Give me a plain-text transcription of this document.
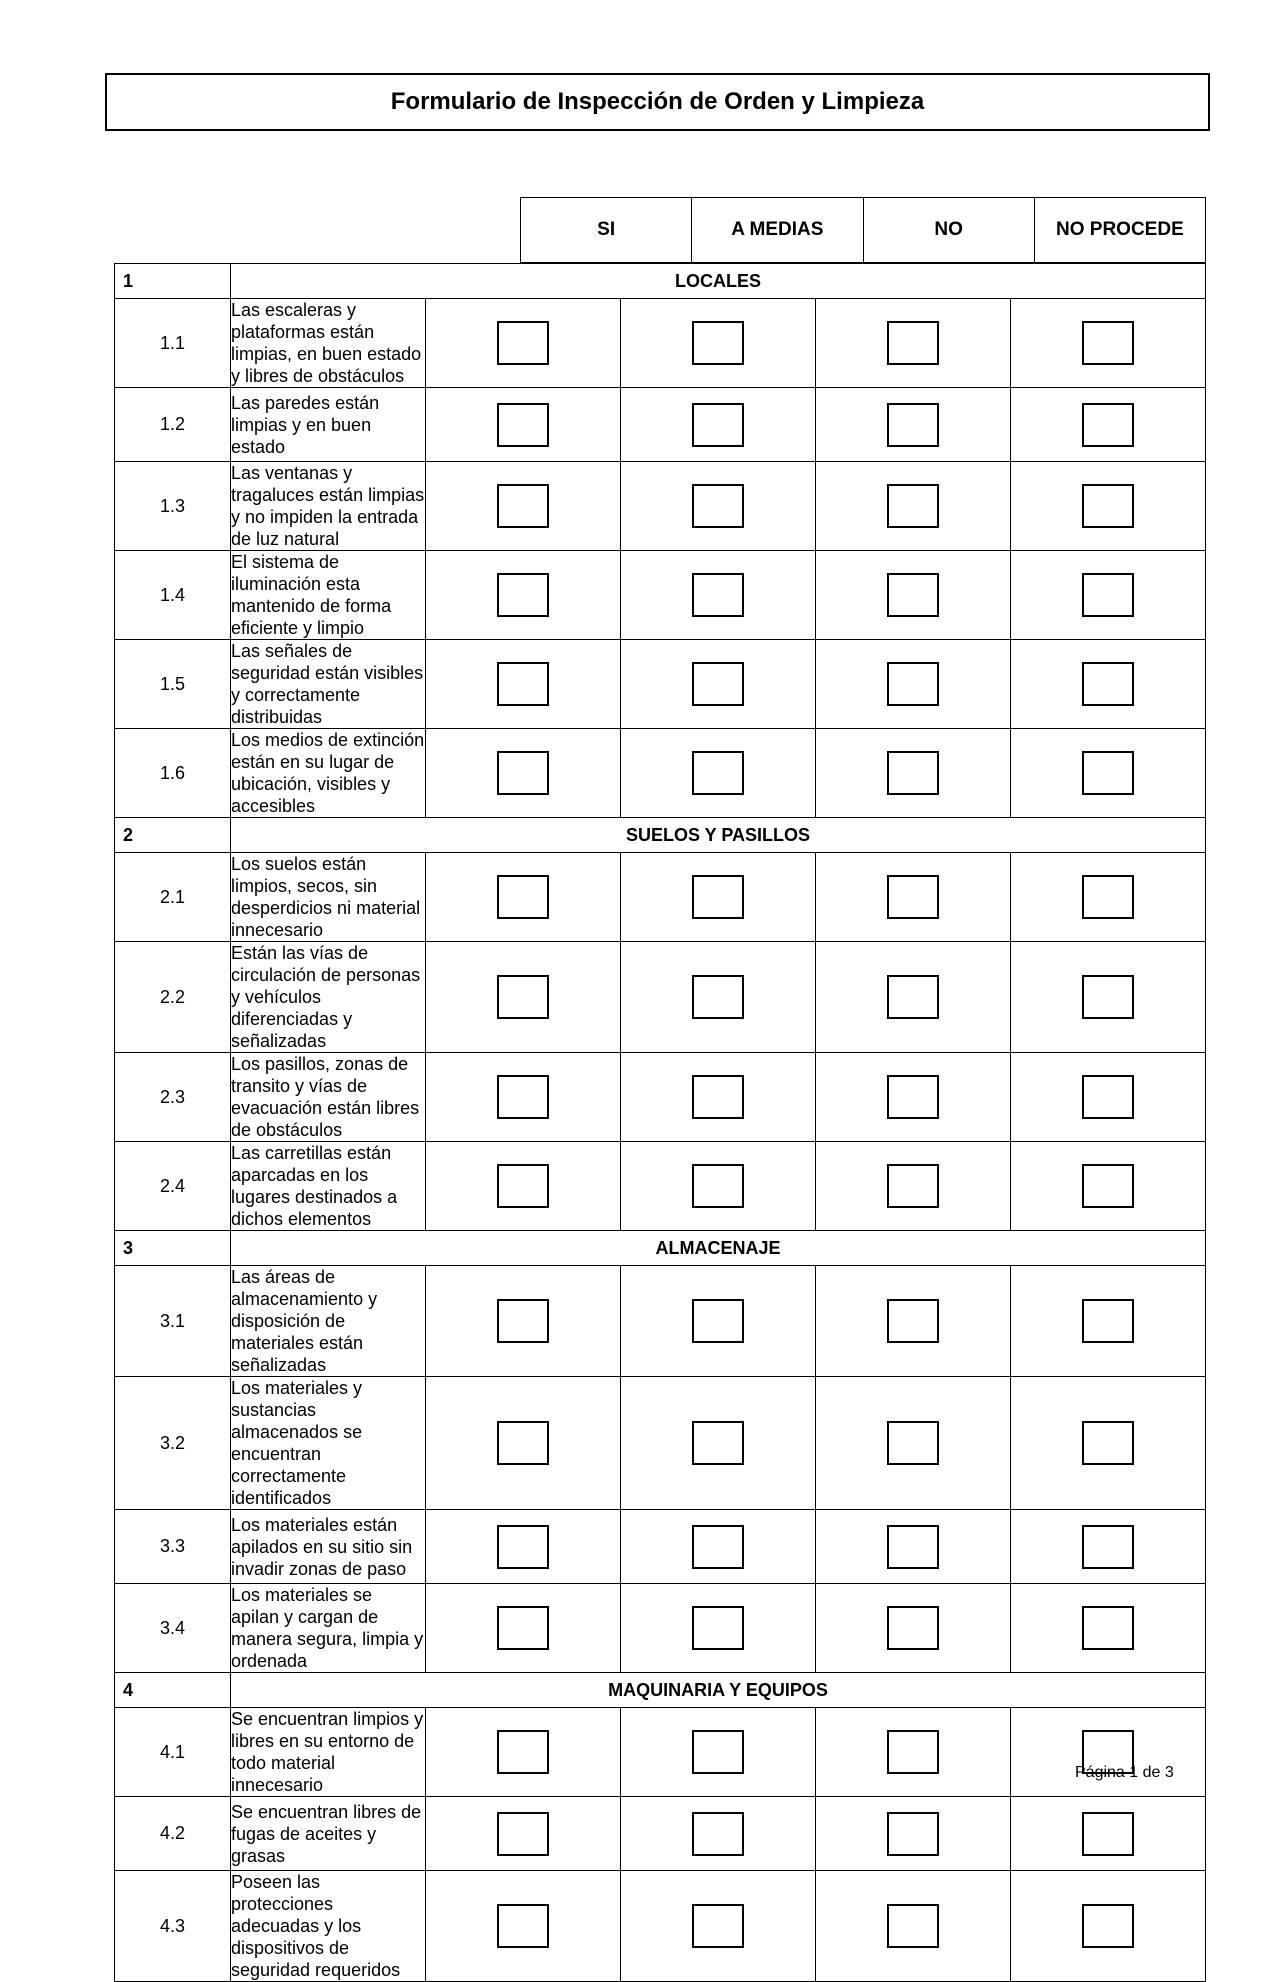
Formulario de Inspección de Orden y Limpieza
SI	A MEDIAS	NO	NO PROCEDE
1	LOCALES				
1.1	Las escaleras y plataformas están limpias, en buen estado y libres de obstáculos				
1.2	Las paredes están limpias y en buen estado				
1.3	Las ventanas y tragaluces están limpias y no impiden la entrada de luz natural				
1.4	El sistema de iluminación esta mantenido de forma eficiente y limpio				
1.5	Las señales de seguridad están visibles y correctamente distribuidas				
1.6	Los medios de extinción están en su lugar de ubicación, visibles y accesibles				
2	SUELOS Y PASILLOS				
2.1	Los suelos están limpios, secos, sin desperdicios ni material innecesario				
2.2	Están las vías de circulación de personas y vehículos diferenciadas y señalizadas				
2.3	Los pasillos, zonas de transito y vías de evacuación están libres de obstáculos				
2.4	Las carretillas están aparcadas en los lugares destinados a dichos elementos				
3	ALMACENAJE				
3.1	Las áreas de almacenamiento y disposición de materiales están señalizadas				
3.2	Los materiales y sustancias almacenados se encuentran correctamente identificados				
3.3	Los materiales están apilados en su sitio sin invadir zonas de paso				
3.4	Los materiales se apilan y cargan de manera segura, limpia y ordenada				
4	MAQUINARIA Y EQUIPOS				
4.1	Se encuentran limpios y libres en su entorno de todo material innecesario				
4.2	Se encuentran libres de fugas de aceites y grasas				
4.3	Poseen las protecciones adecuadas y los dispositivos de seguridad requeridos				
Página 1 de 3
